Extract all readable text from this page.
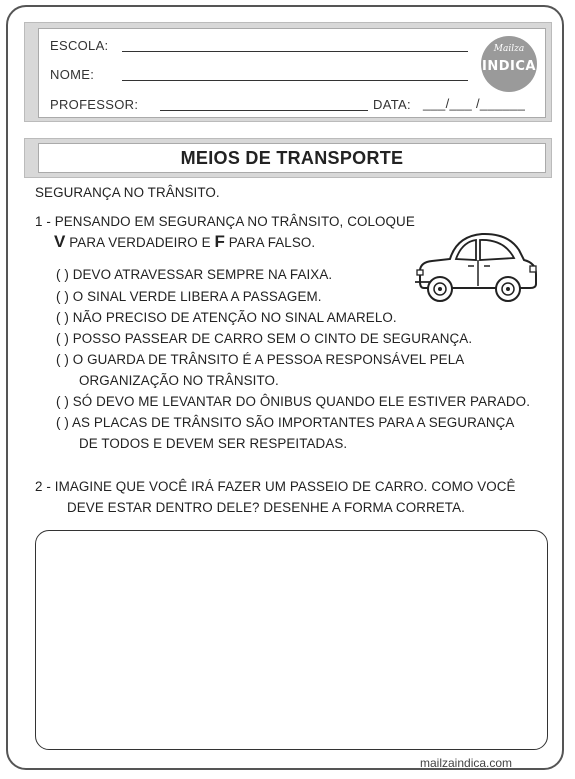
ESCOLA:
NOME:
PROFESSOR:	DATA: ___/___ /______
Mailza
INDICA
MEIOS DE TRANSPORTE
SEGURANÇA NO TRÂNSITO.
1 - PENSANDO EM SEGURANÇA NO TRÂNSITO, COLOQUE
V PARA VERDADEIRO E F PARA FALSO.
( ) DEVO ATRAVESSAR SEMPRE NA FAIXA.
( ) O SINAL VERDE LIBERA A PASSAGEM.
( ) NÃO PRECISO DE ATENÇÃO NO SINAL AMARELO.
( ) POSSO PASSEAR DE CARRO SEM O CINTO DE SEGURANÇA.
( ) O GUARDA DE TRÂNSITO É A PESSOA RESPONSÁVEL PELA
ORGANIZAÇÃO NO TRÂNSITO.
( ) SÓ DEVO ME LEVANTAR DO ÔNIBUS QUANDO ELE ESTIVER PARADO.
( ) AS PLACAS DE TRÂNSITO SÃO IMPORTANTES PARA A SEGURANÇA
DE TODOS E DEVEM SER RESPEITADAS.
2 - IMAGINE QUE VOCÊ IRÁ FAZER UM PASSEIO DE CARRO. COMO VOCÊ
DEVE ESTAR DENTRO DELE? DESENHE A FORMA CORRETA.
mailzaindica.com
